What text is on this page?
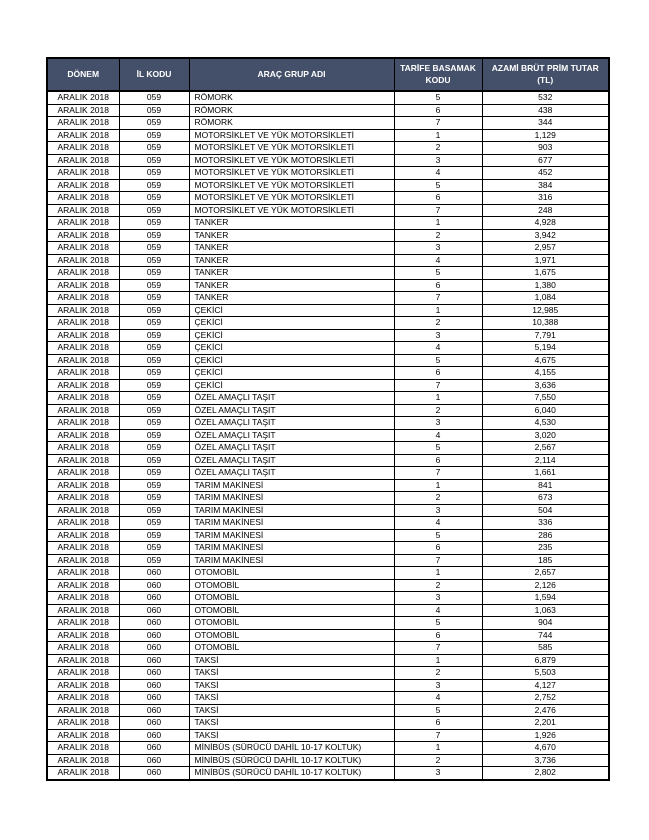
DÖNEM	İL KODU	ARAÇ GRUP ADI	TARİFE BASAMAK KODU	AZAMİ BRÜT PRİM TUTAR (TL)
ARALIK 2018	059	RÖMORK	5	532
ARALIK 2018	059	RÖMORK	6	438
ARALIK 2018	059	RÖMORK	7	344
ARALIK 2018	059	MOTORSİKLET VE YÜK MOTORSİKLETİ	1	1,129
ARALIK 2018	059	MOTORSİKLET VE YÜK MOTORSİKLETİ	2	903
ARALIK 2018	059	MOTORSİKLET VE YÜK MOTORSİKLETİ	3	677
ARALIK 2018	059	MOTORSİKLET VE YÜK MOTORSİKLETİ	4	452
ARALIK 2018	059	MOTORSİKLET VE YÜK MOTORSİKLETİ	5	384
ARALIK 2018	059	MOTORSİKLET VE YÜK MOTORSİKLETİ	6	316
ARALIK 2018	059	MOTORSİKLET VE YÜK MOTORSİKLETİ	7	248
ARALIK 2018	059	TANKER	1	4,928
ARALIK 2018	059	TANKER	2	3,942
ARALIK 2018	059	TANKER	3	2,957
ARALIK 2018	059	TANKER	4	1,971
ARALIK 2018	059	TANKER	5	1,675
ARALIK 2018	059	TANKER	6	1,380
ARALIK 2018	059	TANKER	7	1,084
ARALIK 2018	059	ÇEKİCİ	1	12,985
ARALIK 2018	059	ÇEKİCİ	2	10,388
ARALIK 2018	059	ÇEKİCİ	3	7,791
ARALIK 2018	059	ÇEKİCİ	4	5,194
ARALIK 2018	059	ÇEKİCİ	5	4,675
ARALIK 2018	059	ÇEKİCİ	6	4,155
ARALIK 2018	059	ÇEKİCİ	7	3,636
ARALIK 2018	059	ÖZEL AMAÇLI TAŞIT	1	7,550
ARALIK 2018	059	ÖZEL AMAÇLI TAŞIT	2	6,040
ARALIK 2018	059	ÖZEL AMAÇLI TAŞIT	3	4,530
ARALIK 2018	059	ÖZEL AMAÇLI TAŞIT	4	3,020
ARALIK 2018	059	ÖZEL AMAÇLI TAŞIT	5	2,567
ARALIK 2018	059	ÖZEL AMAÇLI TAŞIT	6	2,114
ARALIK 2018	059	ÖZEL AMAÇLI TAŞIT	7	1,661
ARALIK 2018	059	TARIM MAKİNESİ	1	841
ARALIK 2018	059	TARIM MAKİNESİ	2	673
ARALIK 2018	059	TARIM MAKİNESİ	3	504
ARALIK 2018	059	TARIM MAKİNESİ	4	336
ARALIK 2018	059	TARIM MAKİNESİ	5	286
ARALIK 2018	059	TARIM MAKİNESİ	6	235
ARALIK 2018	059	TARIM MAKİNESİ	7	185
ARALIK 2018	060	OTOMOBİL	1	2,657
ARALIK 2018	060	OTOMOBİL	2	2,126
ARALIK 2018	060	OTOMOBİL	3	1,594
ARALIK 2018	060	OTOMOBİL	4	1,063
ARALIK 2018	060	OTOMOBİL	5	904
ARALIK 2018	060	OTOMOBİL	6	744
ARALIK 2018	060	OTOMOBİL	7	585
ARALIK 2018	060	TAKSİ	1	6,879
ARALIK 2018	060	TAKSİ	2	5,503
ARALIK 2018	060	TAKSİ	3	4,127
ARALIK 2018	060	TAKSİ	4	2,752
ARALIK 2018	060	TAKSİ	5	2,476
ARALIK 2018	060	TAKSİ	6	2,201
ARALIK 2018	060	TAKSİ	7	1,926
ARALIK 2018	060	MİNİBÜS (SÜRÜCÜ DAHİL 10-17 KOLTUK)	1	4,670
ARALIK 2018	060	MİNİBÜS (SÜRÜCÜ DAHİL 10-17 KOLTUK)	2	3,736
ARALIK 2018	060	MİNİBÜS (SÜRÜCÜ DAHİL 10-17 KOLTUK)	3	2,802
